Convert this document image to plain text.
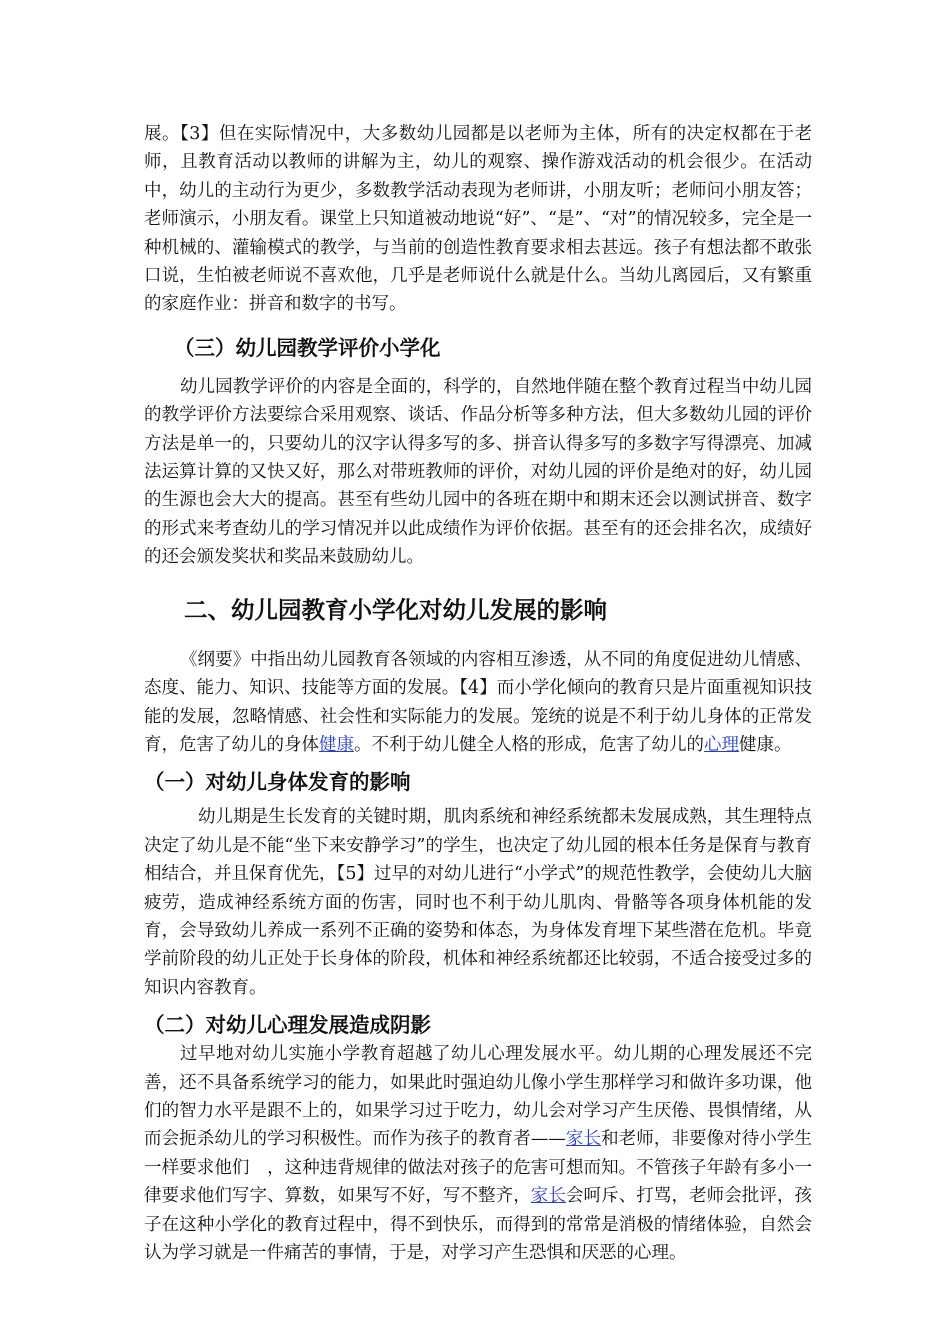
展。【3】但在实际情况中，大多数幼儿园都是以老师为主体，所有的决定权都在于老师，且教育活动以教师的讲解为主，幼儿的观察、操作游戏活动的机会很少。在活动中，幼儿的主动行为更少，多数教学活动表现为老师讲，小朋友听；老师问小朋友答；老师演示，小朋友看。课堂上只知道被动地说“好”、“是”、“对”的情况较多，完全是一种机械的、灌输模式的教学，与当前的创造性教育要求相去甚远。孩子有想法都不敢张口说，生怕被老师说不喜欢他，几乎是老师说什么就是什么。当幼儿离园后，又有繁重的家庭作业：拼音和数字的书写。

（三）幼儿园教学评价小学化

幼儿园教学评价的内容是全面的，科学的，自然地伴随在整个教育过程当中幼儿园的教学评价方法要综合采用观察、谈话、作品分析等多种方法，但大多数幼儿园的评价方法是单一的，只要幼儿的汉字认得多写的多、拼音认得多写的多数字写得漂亮、加减法运算计算的又快又好，那么对带班教师的评价，对幼儿园的评价是绝对的好，幼儿园的生源也会大大的提高。甚至有些幼儿园中的各班在期中和期末还会以测试拼音、数字的形式来考查幼儿的学习情况并以此成绩作为评价依据。甚至有的还会排名次，成绩好的还会颁发奖状和奖品来鼓励幼儿。

二、幼儿园教育小学化对幼儿发展的影响

《纲要》中指出幼儿园教育各领域的内容相互渗透，从不同的角度促进幼儿情感、态度、能力、知识、技能等方面的发展。【4】而小学化倾向的教育只是片面重视知识技能的发展，忽略情感、社会性和实际能力的发展。笼统的说是不利于幼儿身体的正常发育，危害了幼儿的身体健康。不利于幼儿健全人格的形成，危害了幼儿的心理健康。

（一）对幼儿身体发育的影响

幼儿期是生长发育的关键时期，肌肉系统和神经系统都未发展成熟，其生理特点决定了幼儿是不能“坐下来安静学习”的学生，也决定了幼儿园的根本任务是保育与教育相结合，并且保育优先，【5】过早的对幼儿进行“小学式”的规范性教学，会使幼儿大脑疲劳，造成神经系统方面的伤害，同时也不利于幼儿肌肉、骨骼等各项身体机能的发育，会导致幼儿养成一系列不正确的姿势和体态，为身体发育埋下某些潜在危机。毕竟学前阶段的幼儿正处于长身体的阶段，机体和神经系统都还比较弱，不适合接受过多的知识内容教育。

（二）对幼儿心理发展造成阴影

过早地对幼儿实施小学教育超越了幼儿心理发展水平。幼儿期的心理发展还不完善，还不具备系统学习的能力，如果此时强迫幼儿像小学生那样学习和做许多功课，他们的智力水平是跟不上的，如果学习过于吃力，幼儿会对学习产生厌倦、畏惧情绪，从而会扼杀幼儿的学习积极性。而作为孩子的教育者——家长和老师，非要像对待小学生一样要求他们　，这种违背规律的做法对孩子的危害可想而知。不管孩子年龄有多小一律要求他们写字、算数，如果写不好，写不整齐，家长会呵斥、打骂，老师会批评，孩子在这种小学化的教育过程中，得不到快乐，而得到的常常是消极的情绪体验，自然会认为学习就是一件痛苦的事情，于是，对学习产生恐惧和厌恶的心理。
